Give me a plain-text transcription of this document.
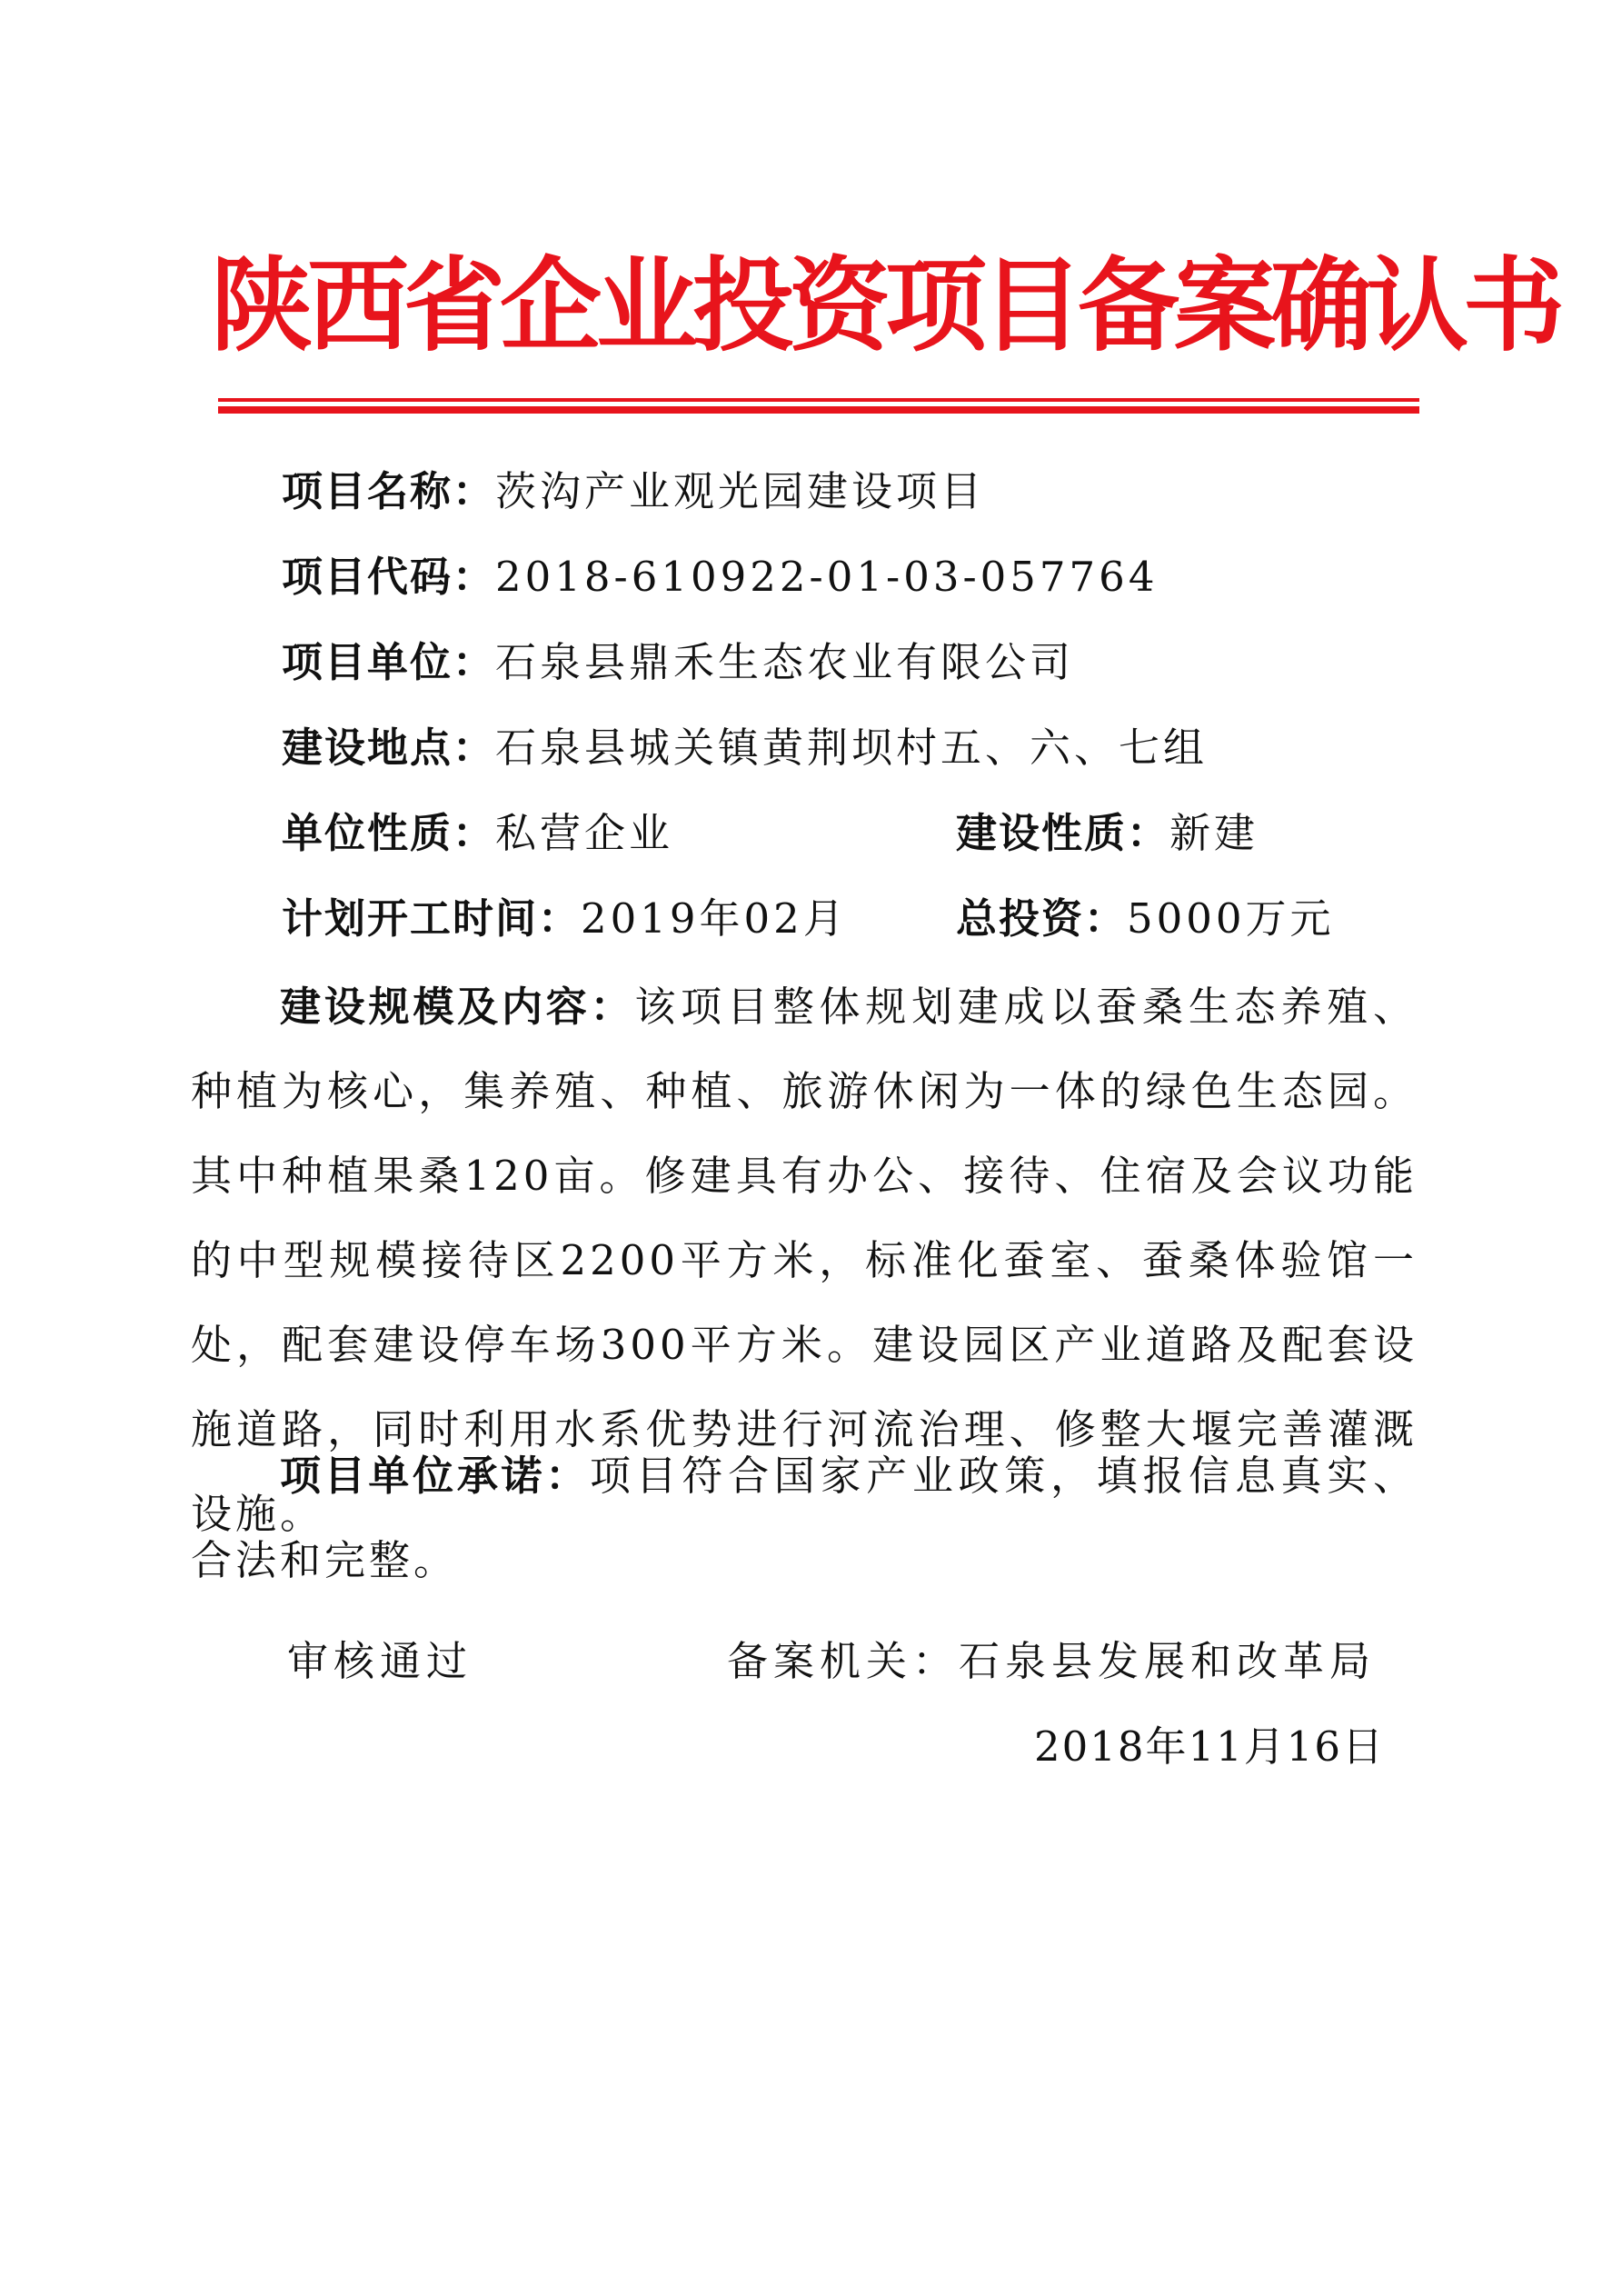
陕西省企业投资项目备案确认书
项目名称：茨沟产业观光园建设项目
项目代码：2018-610922-01-03-057764
项目单位：石泉县鼎禾生态农业有限公司
建设地点：石泉县城关镇黄荆坝村五、六、七组
单位性质：私营企业	建设性质：新建
计划开工时间：2019年02月	总投资：5000万元
建设规模及内容：该项目整体规划建成以蚕桑生态养殖、种植为核心，集养殖、种植、旅游休闲为一体的绿色生态园。其中种植果桑120亩。修建具有办公、接待、住宿及会议功能的中型规模接待区2200平方米，标准化蚕室、蚕桑体验馆一处，配套建设停车场300平方米。建设园区产业道路及配套设施道路，同时利用水系优势进行河流治理、修整大堰完善灌溉设施。
项目单位承诺：项目符合国家产业政策，填报信息真实、合法和完整。
审核通过	备案机关：石泉县发展和改革局
2018年11月16日
